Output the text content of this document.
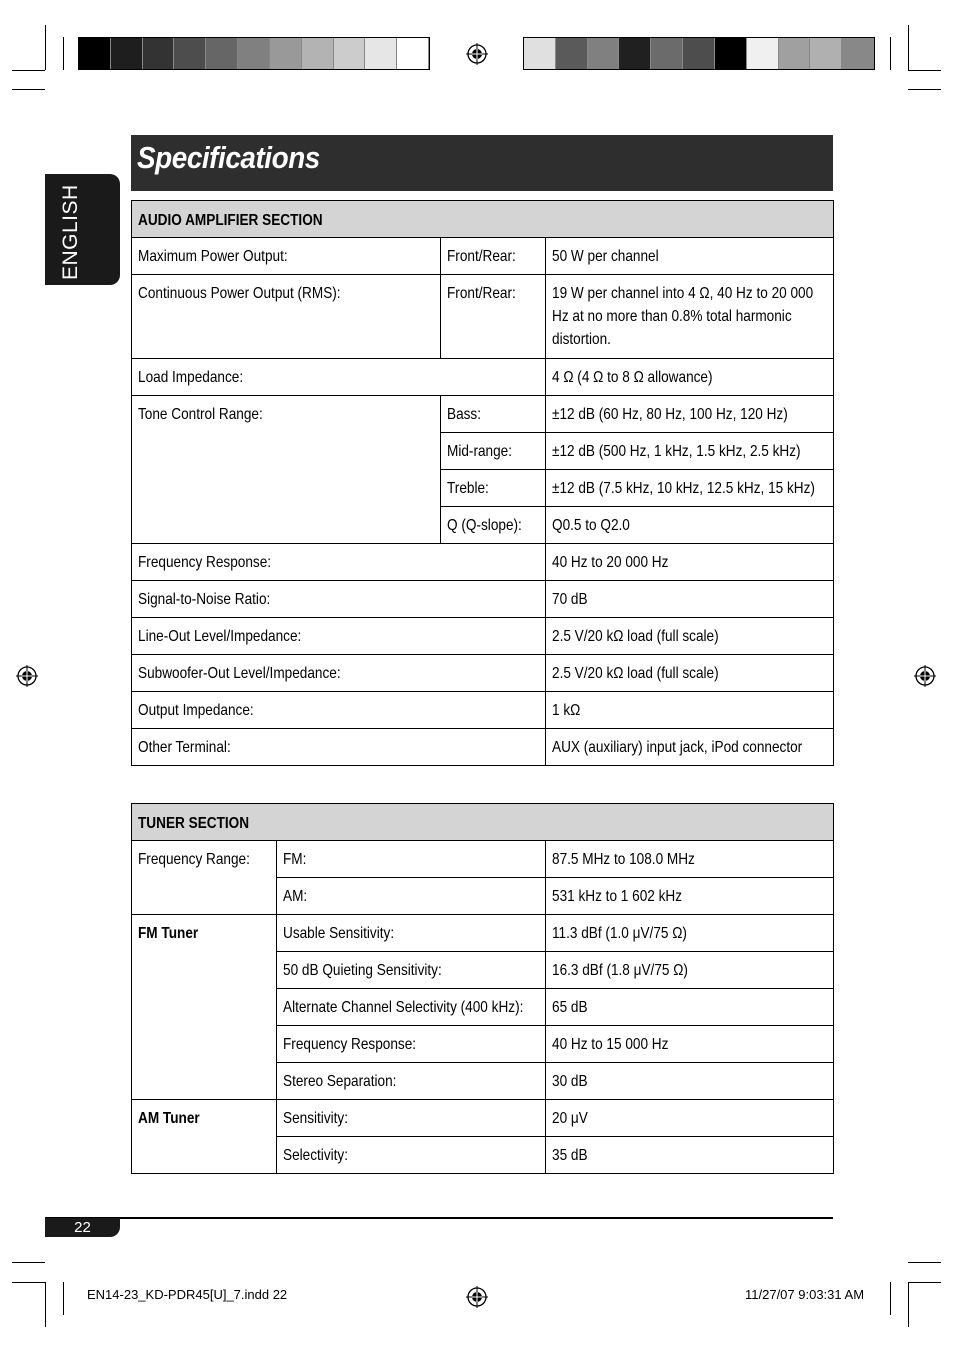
Specifications
ENGLISH	AUDIO AMPLIFIER SECTION		
Maximum Power Output:	Front/Rear:	50 W per channel
Continuous Power Output (RMS):	Front/Rear:	19 W per channel into 4 Ω, 40 Hz to 20 000 Hz at no more than 0.8% total harmonic distortion.

Load Impedance:		4 Ω (4 Ω to 8 Ω allowance)
Tone Control Range:	Bass:	±12 dB (60 Hz, 80 Hz, 100 Hz, 120 Hz)
	Mid-range:	±12 dB (500 Hz, 1 kHz, 1.5 kHz, 2.5 kHz)
	Treble:	±12 dB (7.5 kHz, 10 kHz, 12.5 kHz, 15 kHz)
	Q (Q-slope):	Q0.5 to Q2.0
Frequency Response:		40 Hz to 20 000 Hz
Signal-to-Noise Ratio:		70 dB
Line-Out Level/Impedance:		2.5 V/20 kΩ load (full scale)
Subwoofer-Out Level/Impedance:		2.5 V/20 kΩ load (full scale)
Output Impedance:		1 kΩ
Other Terminal:		AUX (auxiliary) input jack, iPod connector
TUNER SECTION		
Frequency Range:	FM:	87.5 MHz to 108.0 MHz
	AM:	531 kHz to 1 602 kHz
FM Tuner	Usable Sensitivity:	11.3 dBf (1.0 μV/75 Ω)
	50 dB Quieting Sensitivity:	16.3 dBf (1.8 μV/75 Ω)
	Alternate Channel Selectivity (400 kHz):	65 dB
	Frequency Response:	40 Hz to 15 000 Hz
	Stereo Separation:	30 dB
AM Tuner	Sensitivity:	20 μV
	Selectivity:	35 dB
22
EN14-23_KD-PDR45[U]_7.indd 22	11/27/07 9:03:31 AM
